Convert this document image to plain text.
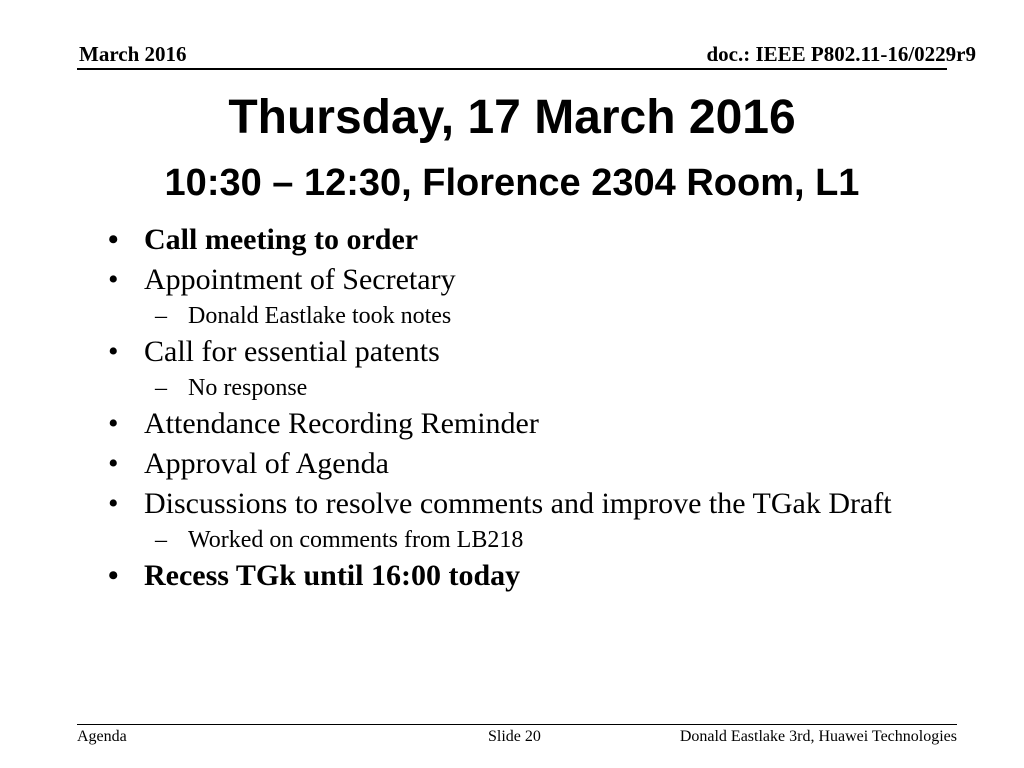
March 2016	doc.: IEEE P802.11-16/0229r9
Thursday, 17 March 2016
10:30 – 12:30, Florence 2304 Room, L1
• Call meeting to order
• Appointment of Secretary
– Donald Eastlake took notes
• Call for essential patents
– No response
• Attendance Recording Reminder
• Approval of Agenda
• Discussions to resolve comments and improve the TGak Draft
– Worked on comments from LB218
• Recess TGk until 16:00 today
Agenda	Slide 20	Donald Eastlake 3rd, Huawei Technologies
